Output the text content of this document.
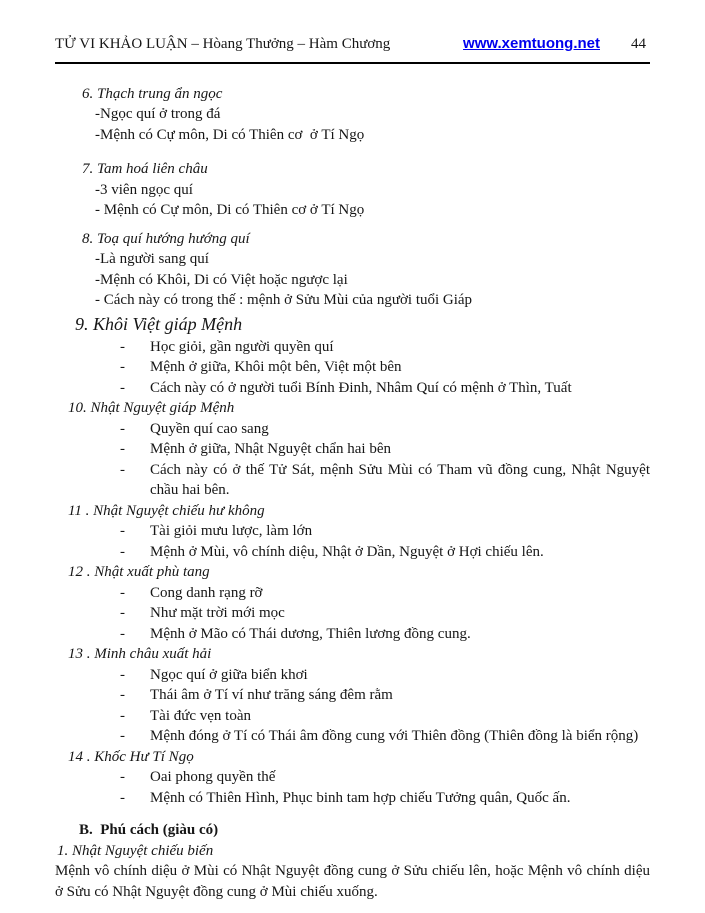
TỬ VI KHẢO LUẬN – Hòang Thưởng – Hàm Chương	www.xemtuong.net	44
6. Thạch trung ẩn ngọc
-Ngọc quí ở trong đá
-Mệnh có Cự môn, Di có Thiên cơ  ở Tí Ngọ
7. Tam hoá liên châu
-3 viên ngọc quí
- Mệnh có Cự môn, Di có Thiên cơ ở Tí Ngọ
8. Toạ quí hướng hướng quí
-Là người sang quí
-Mệnh có Khôi, Di có Việt hoặc ngược lại
- Cách này có trong thế : mệnh ở Sửu Mùi của người tuổi Giáp
9. Khôi Việt giáp Mệnh
-	Học giỏi, gần người quyền quí
-	Mệnh ở giữa, Khôi một bên, Việt một bên
-	Cách này có ở người tuổi Bính Đinh, Nhâm Quí có mệnh ở Thìn, Tuất
10. Nhật Nguyệt giáp Mệnh
-	Quyền quí cao sang
-	Mệnh ở giữa, Nhật Nguyệt chẩn hai bên
-	Cách này có ở thế Tử Sát, mệnh Sửu Mùi có Tham vũ đồng cung, Nhật Nguyệt chầu hai bên.
11 . Nhật Nguyệt chiếu hư không
-	Tài giỏi mưu lược, làm lớn
-	Mệnh ở Mùi, vô chính diệu, Nhật ở Dần, Nguyệt ở Hợi chiếu lên.
12 . Nhật xuất phù tang
-	Cong danh rạng rỡ
-	Như mặt trời mới mọc
-	Mệnh ở Mão có Thái dương, Thiên lương đồng cung.
13 . Minh châu xuất hải
-	Ngọc quí ở giữa biển khơi
-	Thái âm ở Tí ví như trăng sáng đêm rằm
-	Tài đức vẹn toàn
-	Mệnh đóng ở Tí có Thái âm đồng cung với Thiên đồng (Thiên đồng là biển rộng)
14 . Khốc Hư Tí Ngọ
-	Oai phong quyền thế
-	Mệnh có Thiên Hình, Phục binh tam hợp chiếu Tưởng quân, Quốc ấn.
B.  Phú cách (giàu có)
1. Nhật Nguyệt chiếu biến
Mệnh vô chính diệu ở Mùi có Nhật Nguyệt đồng cung ở Sửu chiếu lên, hoặc Mệnh vô chính diệu ở Sửu có Nhật Nguyệt đồng cung ở Mùi chiếu xuống.
